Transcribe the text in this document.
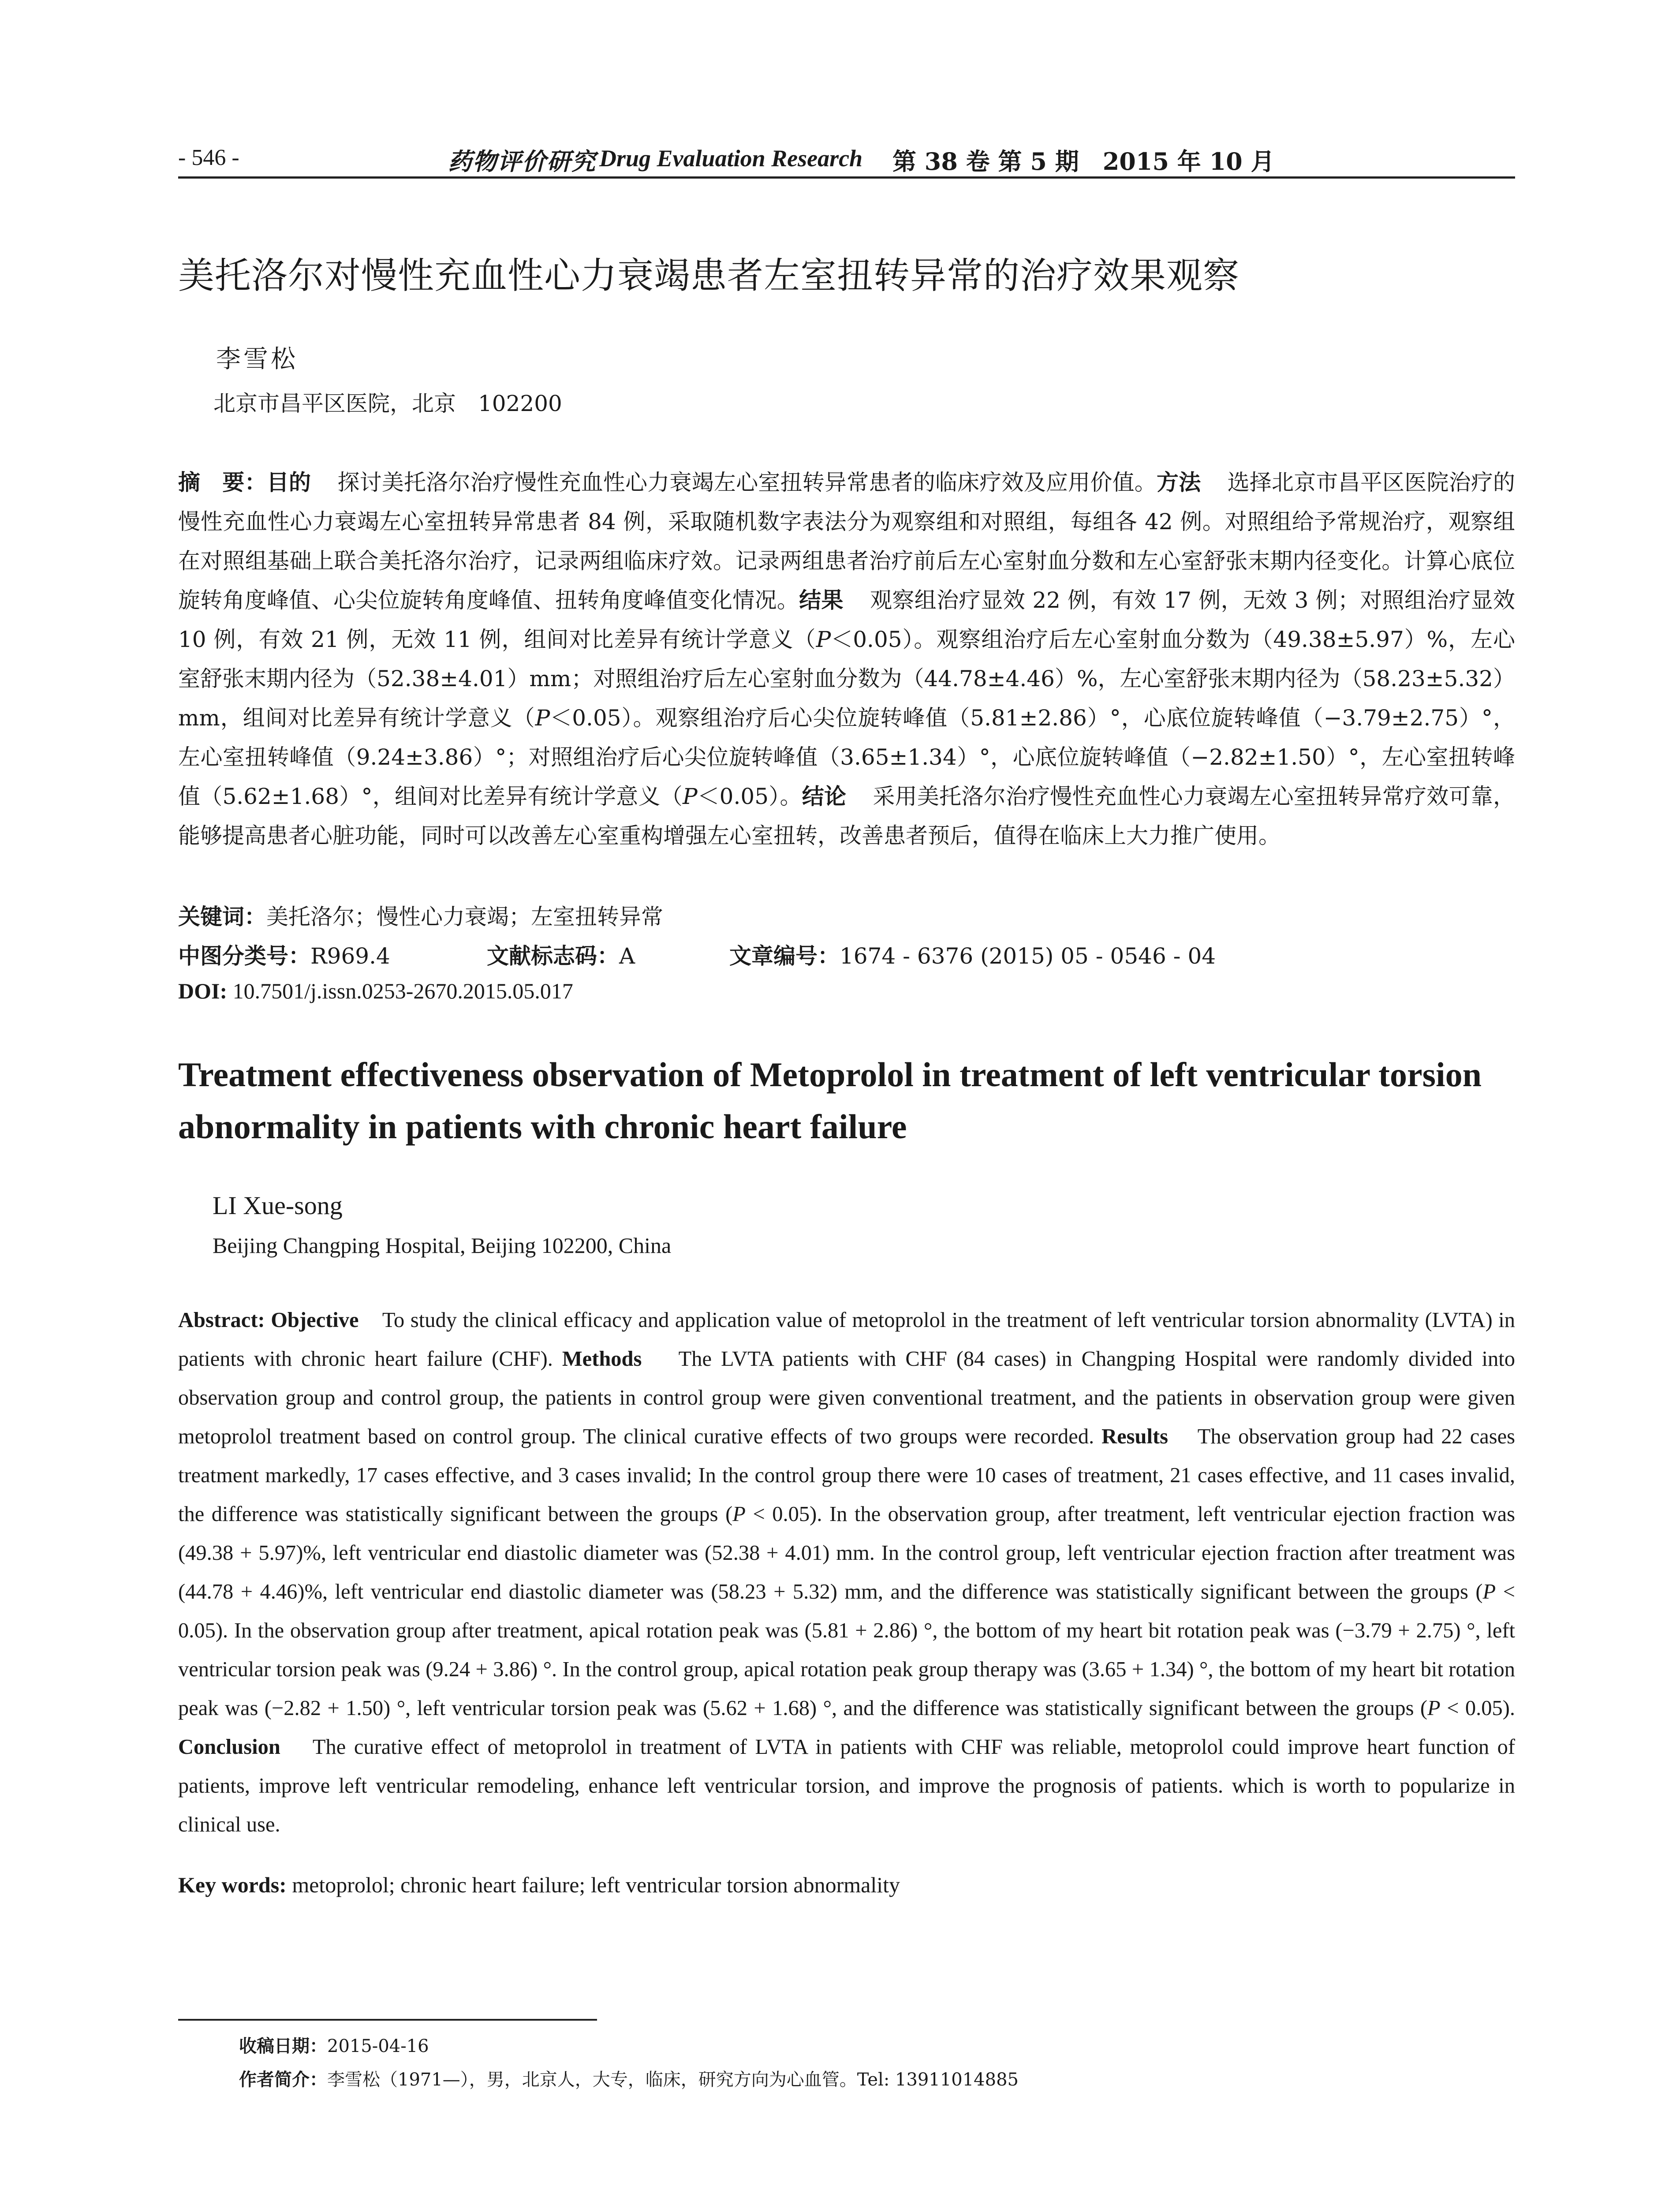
- 546 -	药物评价研究 Drug Evaluation Research 第 38 卷 第 5 期　2015 年 10 月
美托洛尔对慢性充血性心力衰竭患者左室扭转异常的治疗效果观察
李雪松
北京市昌平区医院，北京　102200
摘　要：目的 探讨美托洛尔治疗慢性充血性心力衰竭左心室扭转异常患者的临床疗效及应用价值。方法 选择北京市昌平区医院治疗的慢性充血性心力衰竭左心室扭转异常患者 84 例，采取随机数字表法分为观察组和对照组，每组各 42 例。对照组给予常规治疗，观察组在对照组基础上联合美托洛尔治疗，记录两组临床疗效。记录两组患者治疗前后左心室射血分数和左心室舒张末期内径变化。计算心底位旋转角度峰值、心尖位旋转角度峰值、扭转角度峰值变化情况。结果 观察组治疗显效 22 例，有效 17 例，无效 3 例；对照组治疗显效 10 例，有效 21 例，无效 11 例，组间对比差异有统计学意义（P＜0.05）。观察组治疗后左心室射血分数为（49.38±5.97）%，左心室舒张末期内径为（52.38±4.01）mm；对照组治疗后左心室射血分数为（44.78±4.46）%，左心室舒张末期内径为（58.23±5.32）mm，组间对比差异有统计学意义（P＜0.05）。观察组治疗后心尖位旋转峰值（5.81±2.86）°，心底位旋转峰值（−3.79±2.75）°，左心室扭转峰值（9.24±3.86）°；对照组治疗后心尖位旋转峰值（3.65±1.34）°，心底位旋转峰值（−2.82±1.50）°，左心室扭转峰值（5.62±1.68）°，组间对比差异有统计学意义（P＜0.05）。结论 采用美托洛尔治疗慢性充血性心力衰竭左心室扭转异常疗效可靠，能够提高患者心脏功能，同时可以改善左心室重构增强左心室扭转，改善患者预后，值得在临床上大力推广使用。
关键词：美托洛尔；慢性心力衰竭；左室扭转异常
中图分类号：R969.4	文献标志码：A	文章编号：1674 - 6376 (2015) 05 - 0546 - 04
DOI: 10.7501/j.issn.0253-2670.2015.05.017
Treatment effectiveness observation of Metoprolol in treatment of left ventricular torsion abnormality in patients with chronic heart failure
LI Xue-song
Beijing Changping Hospital, Beijing 102200, China
Abstract: Objective To study the clinical efficacy and application value of metoprolol in the treatment of left ventricular torsion abnormality (LVTA) in patients with chronic heart failure (CHF). Methods The LVTA patients with CHF (84 cases) in Changping Hospital were randomly divided into observation group and control group, the patients in control group were given conventional treatment, and the patients in observation group were given metoprolol treatment based on control group. The clinical curative effects of two groups were recorded. Results The observation group had 22 cases treatment markedly, 17 cases effective, and 3 cases invalid; In the control group there were 10 cases of treatment, 21 cases effective, and 11 cases invalid, the difference was statistically significant between the groups (P < 0.05). In the observation group, after treatment, left ventricular ejection fraction was (49.38 + 5.97)%, left ventricular end diastolic diameter was (52.38 + 4.01) mm. In the control group, left ventricular ejection fraction after treatment was (44.78 + 4.46)%, left ventricular end diastolic diameter was (58.23 + 5.32) mm, and the difference was statistically significant between the groups (P < 0.05). In the observation group after treatment, apical rotation peak was (5.81 + 2.86) °, the bottom of my heart bit rotation peak was (−3.79 + 2.75) °, left ventricular torsion peak was (9.24 + 3.86) °. In the control group, apical rotation peak group therapy was (3.65 + 1.34) °, the bottom of my heart bit rotation peak was (−2.82 + 1.50) °, left ventricular torsion peak was (5.62 + 1.68) °, and the difference was statistically significant between the groups (P < 0.05). Conclusion The curative effect of metoprolol in treatment of LVTA in patients with CHF was reliable, metoprolol could improve heart function of patients, improve left ventricular remodeling, enhance left ventricular torsion, and improve the prognosis of patients. which is worth to popularize in clinical use.
Key words: metoprolol; chronic heart failure; left ventricular torsion abnormality
收稿日期：2015-04-16
作者简介：李雪松（1971—），男，北京人，大专，临床，研究方向为心血管。Tel: 13911014885
